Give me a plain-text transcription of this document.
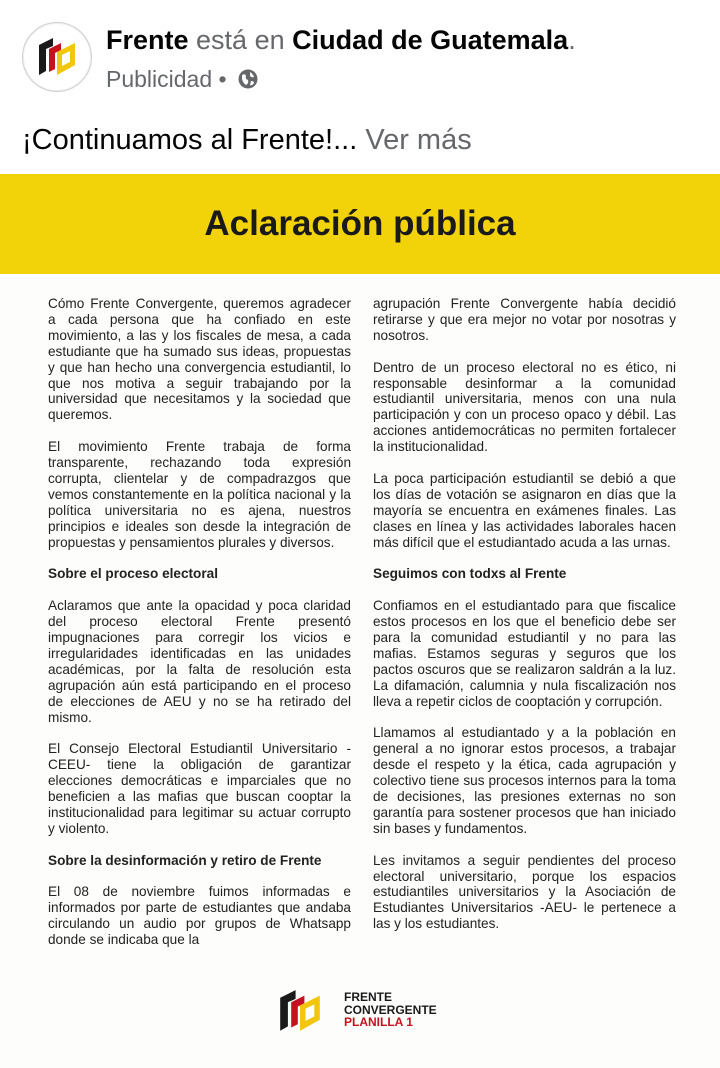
Frente está en Ciudad de Guatemala.
Publicidad •
¡Continuamos al Frente!... Ver más
Aclaración pública

Cómo Frente Convergente, queremos agradecer a cada persona que ha confiado en este movimiento, a las y los fiscales de mesa, a cada estudiante que ha sumado sus ideas, propuestas y que han hecho una convergencia estudiantil, lo que nos motiva a seguir trabajando por la universidad que necesitamos y la sociedad que queremos.

El movimiento Frente trabaja de forma transparente, rechazando toda expresión corrupta, clientelar y de compadrazgos que vemos constantemente en la política nacional y la política universitaria no es ajena, nuestros principios e ideales son desde la integración de propuestas y pensamientos plurales y diversos.

Sobre el proceso electoral

Aclaramos que ante la opacidad y poca claridad del proceso electoral Frente presentó impugnaciones para corregir los vicios e irregularidades identificadas en las unidades académicas, por la falta de resolución esta agrupación aún está participando en el proceso de elecciones de AEU y no se ha retirado del mismo.

El Consejo Electoral Estudiantil Universitario -CEEU- tiene la obligación de garantizar elecciones democráticas e imparciales que no beneficien a las mafias que buscan cooptar la institucionalidad para legitimar su actuar corrupto y violento.

Sobre la desinformación y retiro de Frente

El 08 de noviembre fuimos informadas e informados por parte de estudiantes que andaba circulando un audio por grupos de Whatsapp donde se indicaba que la

agrupación Frente Convergente había decidió retirarse y que era mejor no votar por nosotras y nosotros.

Dentro de un proceso electoral no es ético, ni responsable desinformar a la comunidad estudiantil universitaria, menos con una nula participación y con un proceso opaco y débil. Las acciones antidemocráticas no permiten fortalecer la institucionalidad.

La poca participación estudiantil se debió a que los días de votación se asignaron en días que la mayoría se encuentra en exámenes finales. Las clases en línea y las actividades laborales hacen más difícil que el estudiantado acuda a las urnas.

Seguimos con todxs al Frente

Confiamos en el estudiantado para que fiscalice estos procesos en los que el beneficio debe ser para la comunidad estudiantil y no para las mafias. Estamos seguras y seguros que los pactos oscuros que se realizaron saldrán a la luz. La difamación, calumnia y nula fiscalización nos lleva a repetir ciclos de cooptación y corrupción.

Llamamos al estudiantado y a la población en general a no ignorar estos procesos, a trabajar desde el respeto y la ética, cada agrupación y colectivo tiene sus procesos internos para la toma de decisiones, las presiones externas no son garantía para sostener procesos que han iniciado sin bases y fundamentos.

Les invitamos a seguir pendientes del proceso electoral universitario, porque los espacios estudiantiles universitarios y la Asociación de Estudiantes Universitarios -AEU- le pertenece a las y los estudiantes.

FRENTE
CONVERGENTE
PLANILLA 1
